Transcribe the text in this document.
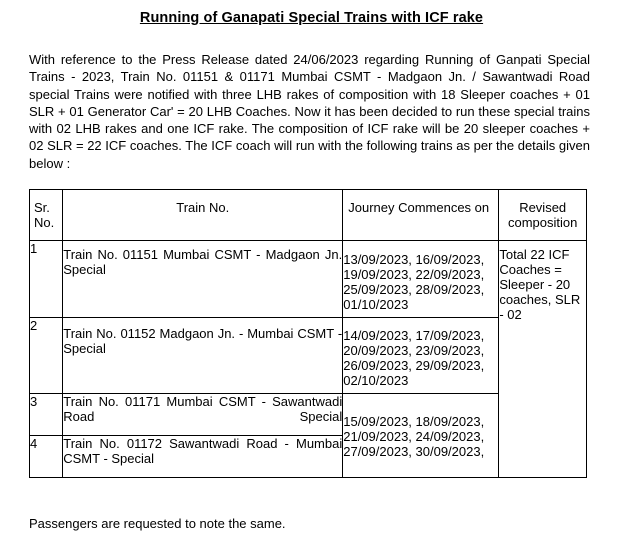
Running of Ganapati Special Trains with ICF rake
With reference to the Press Release dated 24/06/2023 regarding Running of Ganpati Special Trains - 2023, Train No. 01151 & 01171 Mumbai CSMT - Madgaon Jn. / Sawantwadi Road special Trains were notified with three LHB rakes of composition with 18 Sleeper coaches + 01 SLR + 01 Generator Car' = 20 LHB Coaches. Now it has been decided to run these special trains with 02 LHB rakes and one ICF rake. The composition of ICF rake will be 20 sleeper coaches + 02 SLR = 22 ICF coaches. The ICF coach will run with the following trains as per the details given below :
Sr. No.	Train No.	Journey Commences on	Revised composition

1	Train No. 01151 Mumbai CSMT - Madgaon Jn. Special	13/09/2023, 16/09/2023, 19/09/2023, 22/09/2023, 25/09/2023, 28/09/2023, 01/10/2023	Total 22 ICF Coaches = Sleeper - 20 coaches, SLR - 02

2	Train No. 01152 Madgaon Jn. - Mumbai CSMT - Special	14/09/2023, 17/09/2023, 20/09/2023, 23/09/2023, 26/09/2023, 29/09/2023, 02/10/2023	

3	Train No. 01171 Mumbai CSMT - Sawantwadi Road Special	15/09/2023, 18/09/2023, 21/09/2023, 24/09/2023, 27/09/2023, 30/09/2023,	

4	Train No. 01172 Sawantwadi Road - Mumbai CSMT - Special		
Passengers are requested to note the same.
